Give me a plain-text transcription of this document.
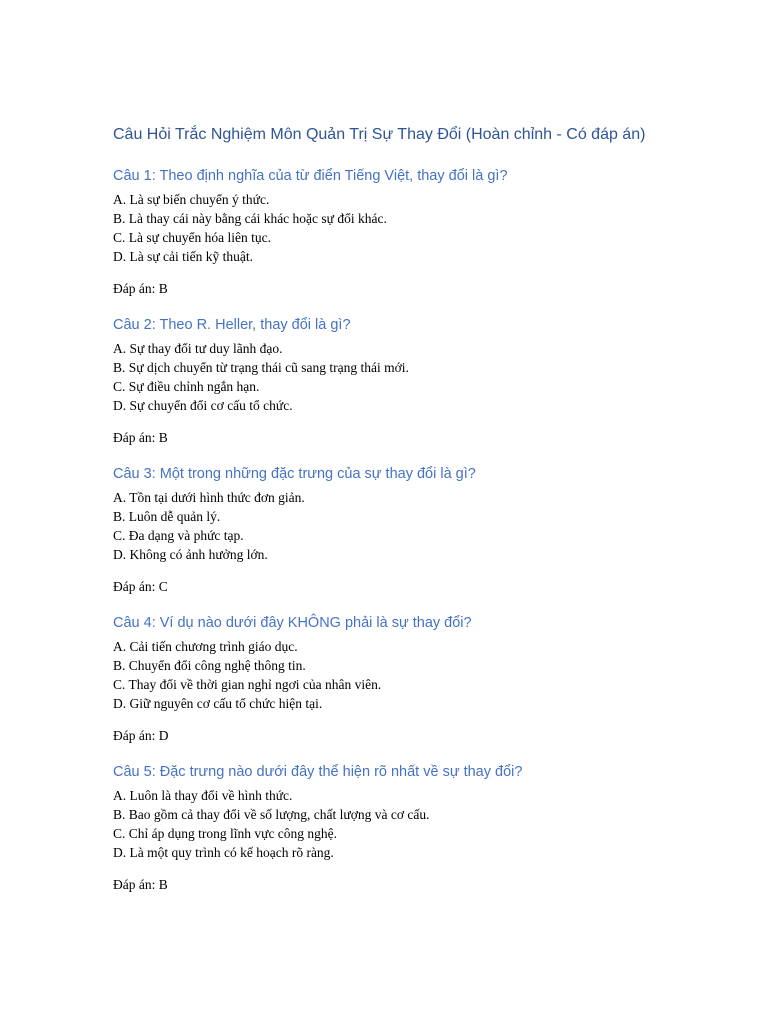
Câu Hỏi Trắc Nghiệm Môn Quản Trị Sự Thay Đổi (Hoàn chỉnh - Có đáp án)
Câu 1: Theo định nghĩa của từ điển Tiếng Việt, thay đổi là gì?
A. Là sự biến chuyển ý thức.
B. Là thay cái này bằng cái khác hoặc sự đổi khác.
C. Là sự chuyển hóa liên tục.
D. Là sự cải tiến kỹ thuật.
Đáp án: B
Câu 2: Theo R. Heller, thay đổi là gì?
A. Sự thay đổi tư duy lãnh đạo.
B. Sự dịch chuyển từ trạng thái cũ sang trạng thái mới.
C. Sự điều chỉnh ngắn hạn.
D. Sự chuyển đổi cơ cấu tổ chức.
Đáp án: B
Câu 3: Một trong những đặc trưng của sự thay đổi là gì?
A. Tồn tại dưới hình thức đơn giản.
B. Luôn dễ quản lý.
C. Đa dạng và phức tạp.
D. Không có ảnh hưởng lớn.
Đáp án: C
Câu 4: Ví dụ nào dưới đây KHÔNG phải là sự thay đổi?
A. Cải tiến chương trình giáo dục.
B. Chuyển đổi công nghệ thông tin.
C. Thay đổi về thời gian nghỉ ngơi của nhân viên.
D. Giữ nguyên cơ cấu tổ chức hiện tại.
Đáp án: D
Câu 5: Đặc trưng nào dưới đây thể hiện rõ nhất về sự thay đổi?
A. Luôn là thay đổi về hình thức.
B. Bao gồm cả thay đổi về số lượng, chất lượng và cơ cấu.
C. Chỉ áp dụng trong lĩnh vực công nghệ.
D. Là một quy trình có kế hoạch rõ ràng.
Đáp án: B
